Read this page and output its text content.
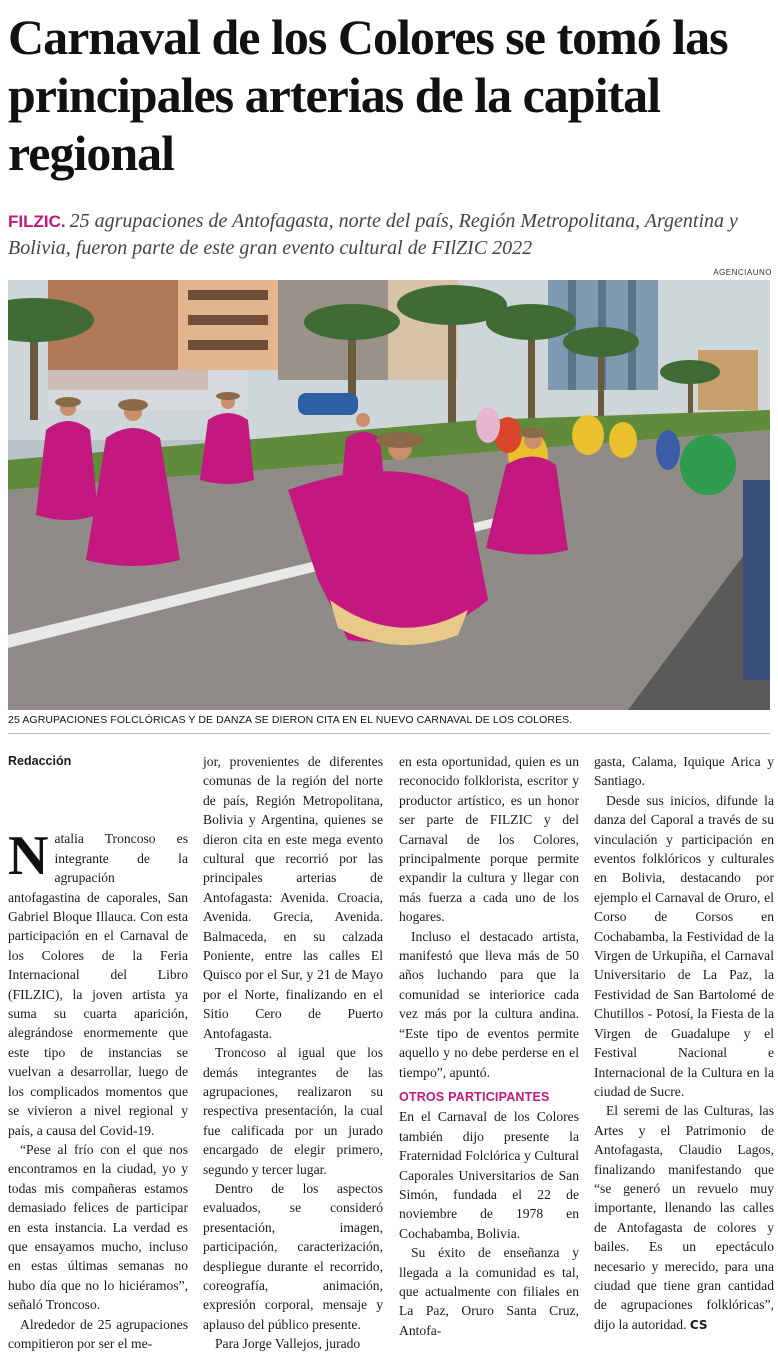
Carnaval de los Colores se tomó las principales arterias de la capital regional
FILZIC. 25 agrupaciones de Antofagasta, norte del país, Región Metropolitana, Argentina y Bolivia, fueron parte de este gran evento cultural de FIlZIC 2022
AGENCIAUNO
25 AGRUPACIONES FOLCLÓRICAS Y DE DANZA SE DIERON CITA EN EL NUEVO CARNAVAL DE LOS COLORES.

Redacción

Natalia Troncoso es integrante de la agrupación antofagastina de caporales, San Gabriel Bloque Illauca. Con esta participación en el Carnaval de los Colores de la Feria Internacional del Libro (FILZIC), la joven artista ya suma su cuarta aparición, alegrándose enormemente que este tipo de instancias se vuelvan a desarrollar, luego de los complicados momentos que se vivieron a nivel regional y país, a causa del Covid-19.

“Pese al frío con el que nos encontramos en la ciudad, yo y todas mis compañeras estamos demasiado felices de participar en esta instancia. La verdad es que ensayamos mucho, incluso en estas últimas semanas no hubo día que no lo hiciéramos”, señaló Troncoso.

Alrededor de 25 agrupaciones compitieron por ser el me-

jor, provenientes de diferentes comunas de la región del norte de país, Región Metropolitana, Bolivia y Argentina, quienes se dieron cita en este mega evento cultural que recorrió por las principales arterias de Antofagasta: Avenida. Croacia, Avenida. Grecia, Avenida. Balmaceda, en su calzada Poniente, entre las calles El Quisco por el Sur, y 21 de Mayo por el Norte, finalizando en el Sitio Cero de Puerto Antofagasta.

Troncoso al igual que los demás integrantes de las agrupaciones, realizaron su respectiva presentación, la cual fue calificada por un jurado encargado de elegir primero, segundo y tercer lugar.

Dentro de los aspectos evaluados, se consideró presentación, imagen, participación, caracterización, despliegue durante el recorrido, coreografía, animación, expresión corporal, mensaje y aplauso del público presente.

Para Jorge Vallejos, jurado

en esta oportunidad, quien es un reconocido folklorista, escritor y productor artístico, es un honor ser parte de FILZIC y del Carnaval de los Colores, principalmente porque permite expandir la cultura y llegar con más fuerza a cada uno de los hogares.

Incluso el destacado artista, manifestó que lleva más de 50 años luchando para que la comunidad se interiorice cada vez más por la cultura andina. “Este tipo de eventos permite aquello y no debe perderse en el tiempo”, apuntó.

OTROS PARTICIPANTES

En el Carnaval de los Colores también dijo presente la Fraternidad Folclórica y Cultural Caporales Universitarios de San Simón, fundada el 22 de noviembre de 1978 en Cochabamba, Bolivia.

Su éxito de enseñanza y llegada a la comunidad es tal, que actualmente con filiales en La Paz, Oruro Santa Cruz, Antofa-

gasta, Calama, Iquique Arica y Santiago.

Desde sus inicios, difunde la danza del Caporal a través de su vinculación y participación en eventos folklóricos y culturales en Bolivia, destacando por ejemplo el Carnaval de Oruro, el Corso de Corsos en Cochabamba, la Festividad de la Virgen de Urkupiña, el Carnaval Universitario de La Paz, la Festividad de San Bartolomé de Chutillos - Potosí, la Fiesta de la Virgen de Guadalupe y el Festival Nacional e Internacional de la Cultura en la ciudad de Sucre.

El seremi de las Culturas, las Artes y el Patrimonio de Antofagasta, Claudio Lagos, finalizando manifestando que “se generó un revuelo muy importante, llenando las calles de Antofagasta de colores y bailes. Es un epectáculo necesario y merecido, para una ciudad que tiene gran cantidad de agrupaciones folklóricas”, dijo la autoridad. CS
